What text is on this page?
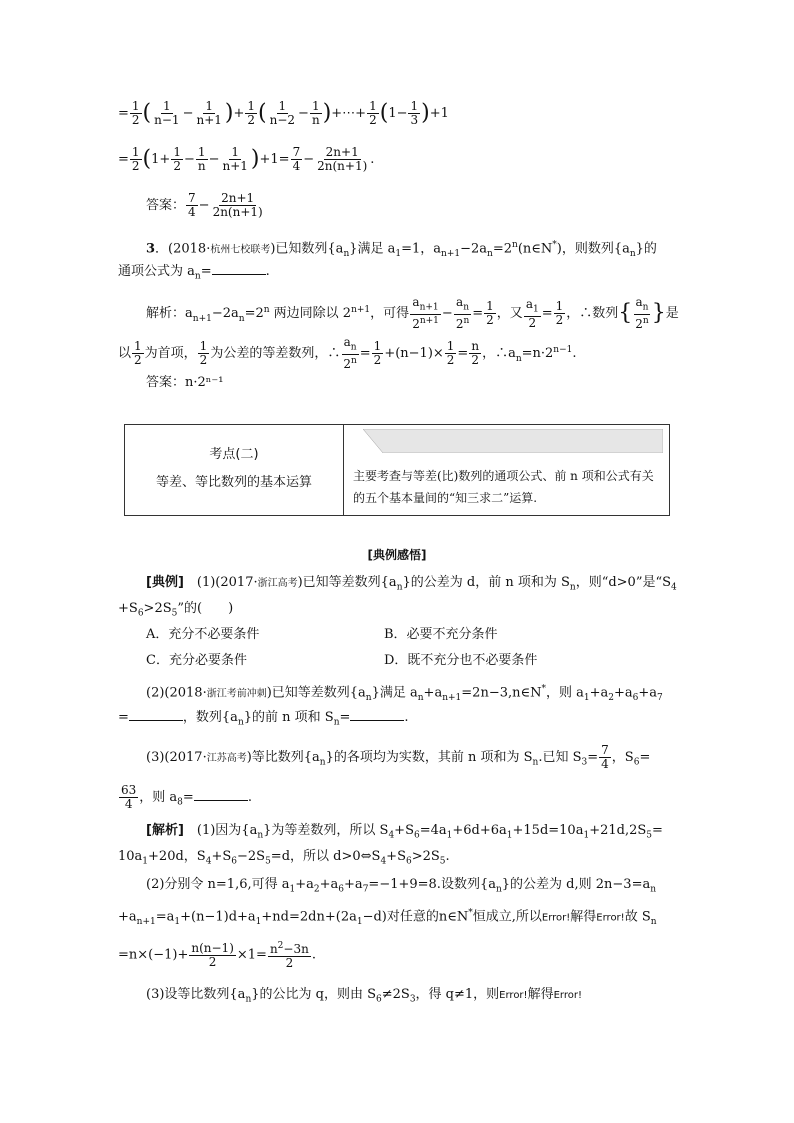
= $\frac{1}{2}$ ( $\frac{1}{n-1} - \frac{1}{n+1}$ )+ $\frac{1}{2}$ ( $\frac{1}{n-2} - \frac{1}{n}$ )+⋯+ $\frac{1}{2} (1- \frac{1}{3} )+1$
= $\frac{1}{2} (1+ \frac{1}{2} - \frac{1}{n} - \frac{1}{n+1} )+1= \frac{7}{4} - \frac{2n+1}{2n(n+1)}$ .
答案： $\frac{7}{4} - \frac{2n+1}{2n(n+1)}$
3．(2018·杭州七校联考)已知数列$\{a_n\}$满足 $a_1=1$，$a_{n+1}-2a_n=2^n(n\in N^*)$，则数列$\{a_n\}$的
通项公式为 $a_n=$	.
解析：$a_{n+1}-2a_n=2^n$ 两边同除以 $2^{n+1}$，可得 $\frac{a_{n+1}}{2^{n+1}} - \frac{a_n}{2^n} = \frac{1}{2}$ ，又 $\frac{a_1}{2} = \frac{1}{2}$ ，∴数列{ $\frac{a_n}{2^n}$ }是
以 $\frac{1}{2}$ 为首项， $\frac{1}{2}$ 为公差的等差数列，∴ $\frac{a_n}{2^n} = \frac{1}{2} +(n-1)\times \frac{1}{2} = \frac{n}{2}$ ，$\therefore a_n=n\cdot 2^{n-1}$.
答案：n·2ⁿ⁻¹
考点(二)
等差、等比数列的基本运算	主要考查与等差(比)数列的通项公式、前 n 项和公式有关的五个基本量间的“知三求二”运算.
[典例感悟]
[典例]　(1)(2017·浙江高考)已知等差数列$\{a_n\}$的公差为 d，前 n 项和为 $S_n$，则“d>0”是“$S_4$
$+S_6>2S_5$”的(　　)
A．充分不必要条件	B．必要不充分条件
C．充分必要条件	D．既不充分也不必要条件
(2)(2018·浙江考前冲刺)已知等差数列$\{a_n\}$满足 $a_n+a_{n+1}=2n-3,n\in N^*$，则 $a_1+a_2+a_6+a_7$
=	，数列$\{a_n\}$的前 n 项和 $S_n=$	.
(3)(2017·江苏高考)等比数列$\{a_n\}$的各项均为实数，其前 n 项和为 $S_n$.已知 $S_3= \frac{7}{4}$ ，$S_6=$
$\frac{63}{4}$ ，则 $a_8=$	.
[解析]　(1)因为$\{a_n\}$为等差数列，所以 $S_4+S_6=4a_1+6d+6a_1+15d=10a_1+21d,2S_5=$
$10a_1+20d$，$S_4+S_6-2S_5=d$，所以 $d>0\Leftrightarrow S_4+S_6>2S_5$.
(2)分别令 n=1,6,可得 $a_1+a_2+a_6+a_7=-1+9=8$.设数列$\{a_n\}$的公差为 d,则 $2n-3=a_n$
$+a_{n+1}=a_1+(n-1)d+a_1+nd=2dn+(2a_1-d)$对任意的n∈N*恒成立,所以Error!解得Error!故 $S_n$
$=n\times(-1)+ \frac{n(n-1)}{2} \times 1= \frac{n^2-3n}{2}$ .
(3)设等比数列$\{a_n\}$的公比为 q，则由 $S_6\ne 2S_3$，得 q≠1，则Error!解得Error!
